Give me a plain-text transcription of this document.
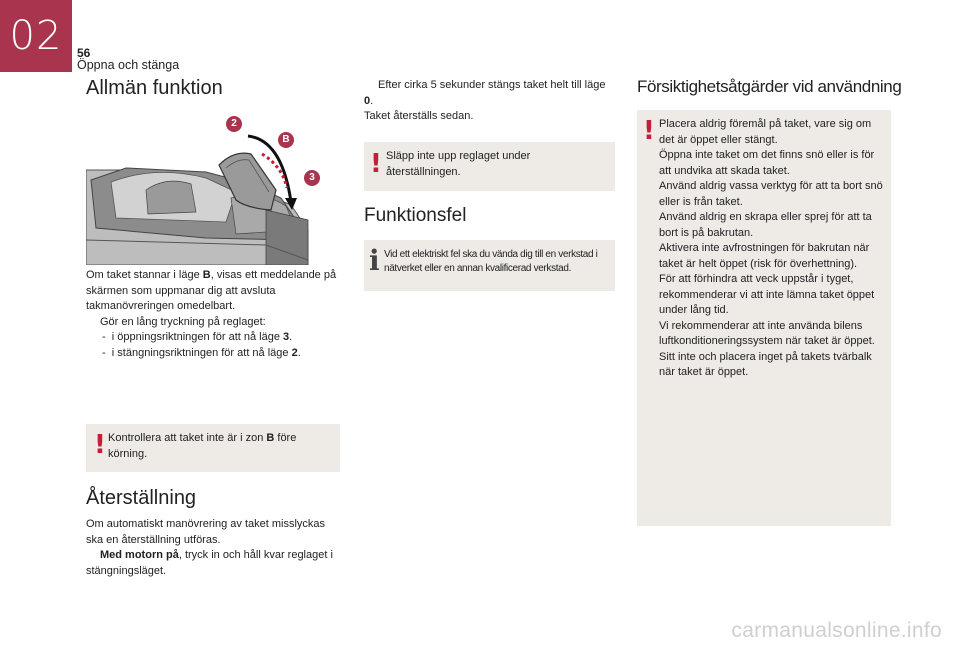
02	56
Öppna och stänga
Allmän funktion
2
B
3

Om taket stannar i läge B, visas ett meddelande på skärmen som uppmanar dig att avsluta takmanövreringen omedelbart.

Gör en lång tryckning på reglaget:

- i öppningsriktningen för att nå läge 3.

- i stängningsriktningen för att nå läge 2.

! Kontrollera att taket inte är i zon B före körning.
Återställning

Om automatiskt manövrering av taket misslyckas ska en återställning utföras.

Med motorn på, tryck in och håll kvar reglaget i stängningsläget.

Efter cirka 5 sekunder stängs taket helt till läge 0.

Taket återställs sedan.

! Släpp inte upp reglaget under återställningen.
Funktionsfel
i Vid ett elektriskt fel ska du vända dig till en verkstad i nätverket eller en annan kvalificerad verkstad.
Försiktighetsåtgärder vid användning
! Placera aldrig föremål på taket, vare sig om det är öppet eller stängt.

Öppna inte taket om det finns snö eller is för att undvika att skada taket.

Använd aldrig vassa verktyg för att ta bort snö eller is från taket.

Använd aldrig en skrapa eller sprej för att ta bort is på bakrutan.

Aktivera inte avfrostningen för bakrutan när taket är helt öppet (risk för överhettning).

För att förhindra att veck uppstår i tyget, rekommenderar vi att inte lämna taket öppet under lång tid.

Vi rekommenderar att inte använda bilens luftkonditioneringssystem när taket är öppet.

Sitt inte och placera inget på takets tvärbalk när taket är öppet.

carmanualsonline.info
